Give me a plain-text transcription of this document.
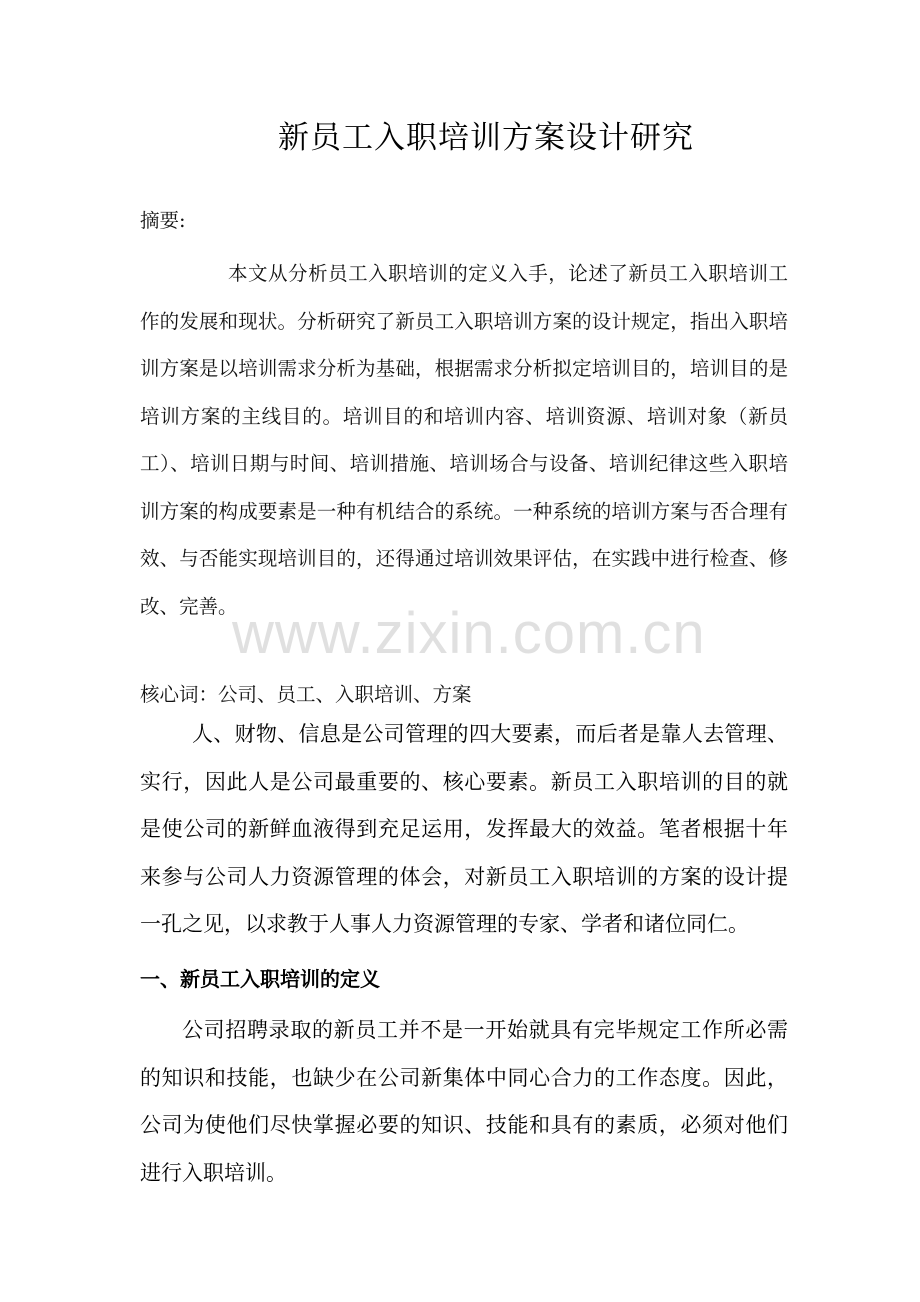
新员工入职培训方案设计研究
摘要:
本文从分析员工入职培训的定义入手，论述了新员工入职培训工作的发展和现状。分析研究了新员工入职培训方案的设计规定，指出入职培训方案是以培训需求分析为基础，根据需求分析拟定培训目的，培训目的是培训方案的主线目的。培训目的和培训内容、培训资源、培训对象（新员工）、培训日期与时间、培训措施、培训场合与设备、培训纪律这些入职培训方案的构成要素是一种有机结合的系统。一种系统的培训方案与否合理有效、与否能实现培训目的，还得通过培训效果评估，在实践中进行检查、修改、完善。
www.zixin.com.cn
核心词：公司、员工、入职培训、方案
人、财物、信息是公司管理的四大要素，而后者是靠人去管理、实行，因此人是公司最重要的、核心要素。新员工入职培训的目的就是使公司的新鲜血液得到充足运用，发挥最大的效益。笔者根据十年来参与公司人力资源管理的体会，对新员工入职培训的方案的设计提一孔之见，以求教于人事人力资源管理的专家、学者和诸位同仁。
一、新员工入职培训的定义
公司招聘录取的新员工并不是一开始就具有完毕规定工作所必需的知识和技能，也缺少在公司新集体中同心合力的工作态度。因此，公司为使他们尽快掌握必要的知识、技能和具有的素质，必须对他们进行入职培训。
